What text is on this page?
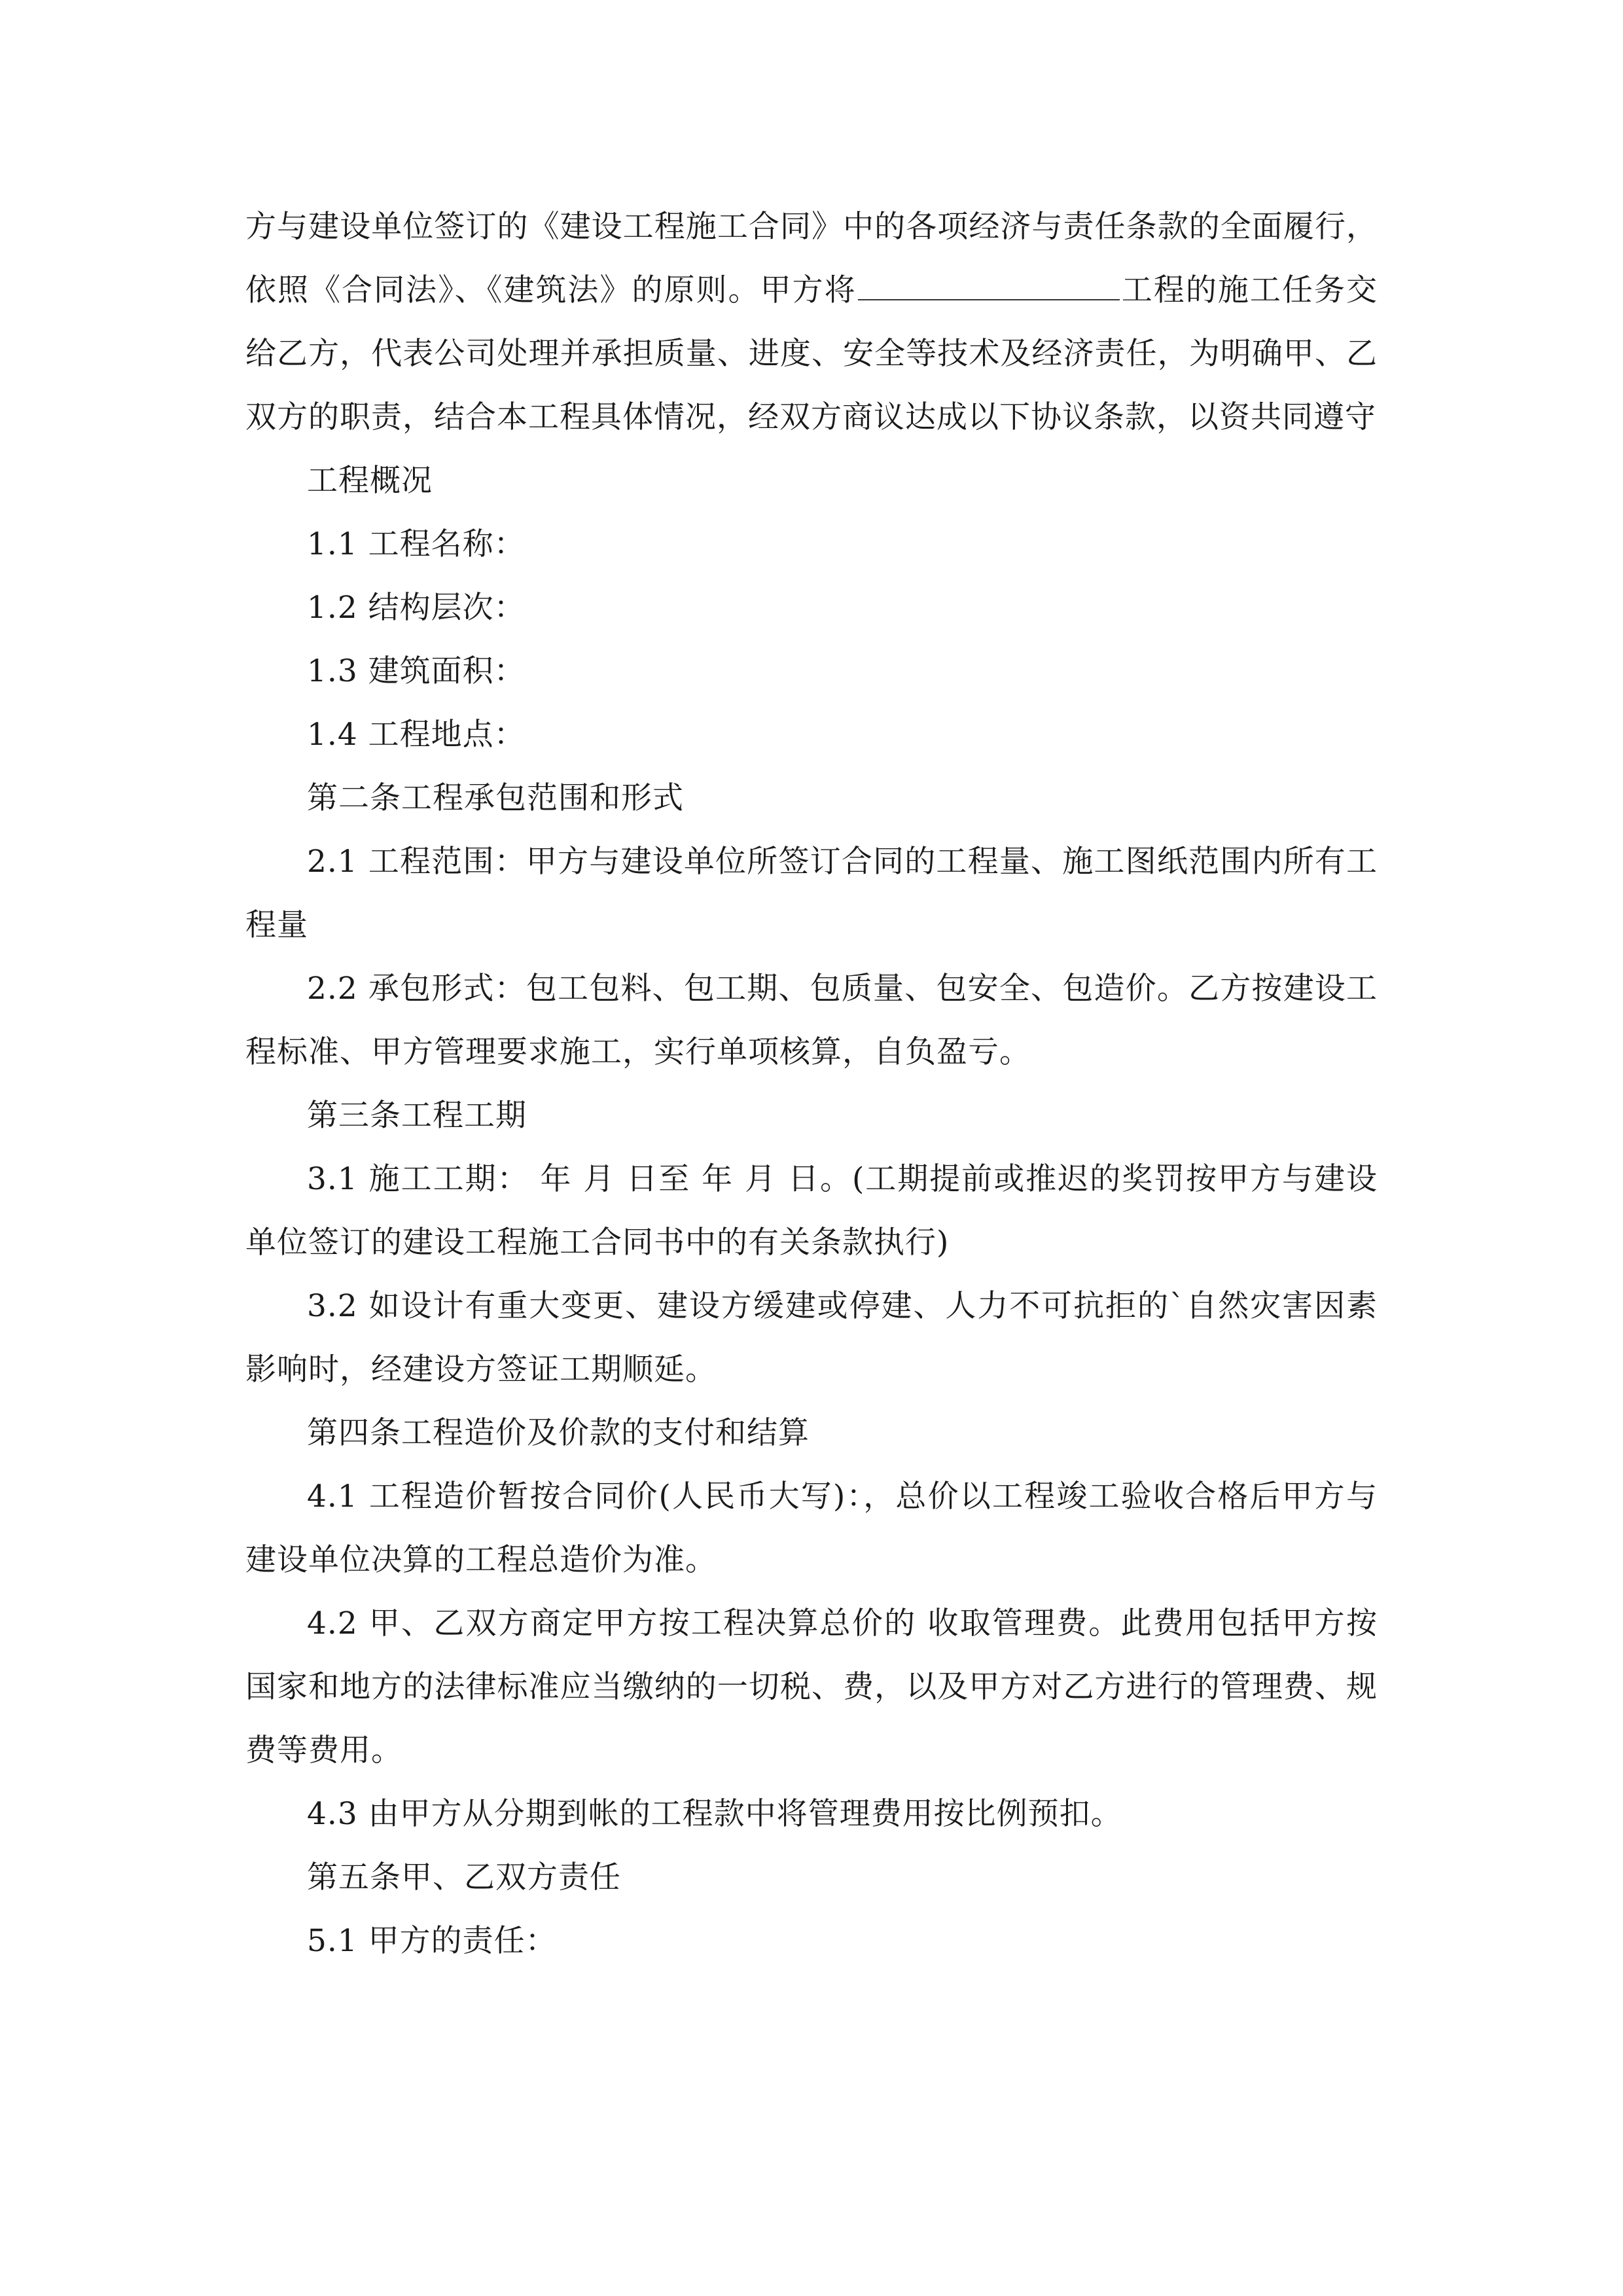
方与建设单位签订的《建设工程施工合同》中的各项经济与责任条款的全面履行，依照《合同法》、《建筑法》的原则。甲方将	工程的施工任务交给乙方，代表公司处理并承担质量、进度、安全等技术及经济责任，为明确甲、乙双方的职责，结合本工程具体情况，经双方商议达成以下协议条款，以资共同遵守

工程概况

1.1 工程名称：

1.2 结构层次：

1.3 建筑面积：

1.4 工程地点：

第二条工程承包范围和形式

2.1 工程范围：甲方与建设单位所签订合同的工程量、施工图纸范围内所有工程量

2.2 承包形式：包工包料、包工期、包质量、包安全、包造价。乙方按建设工程标准、甲方管理要求施工，实行单项核算，自负盈亏。

第三条工程工期

3.1 施工工期： 年 月 日至 年 月 日。(工期提前或推迟的奖罚按甲方与建设单位签订的建设工程施工合同书中的有关条款执行)

3.2 如设计有重大变更、建设方缓建或停建、人力不可抗拒的`自然灾害因素影响时，经建设方签证工期顺延。

第四条工程造价及价款的支付和结算

4.1 工程造价暂按合同价(人民币大写)：，总价以工程竣工验收合格后甲方与建设单位决算的工程总造价为准。

4.2 甲、乙双方商定甲方按工程决算总价的 收取管理费。此费用包括甲方按国家和地方的法律标准应当缴纳的一切税、费，以及甲方对乙方进行的管理费、规费等费用。

4.3 由甲方从分期到帐的工程款中将管理费用按比例预扣。

第五条甲、乙双方责任

5.1 甲方的责任：
